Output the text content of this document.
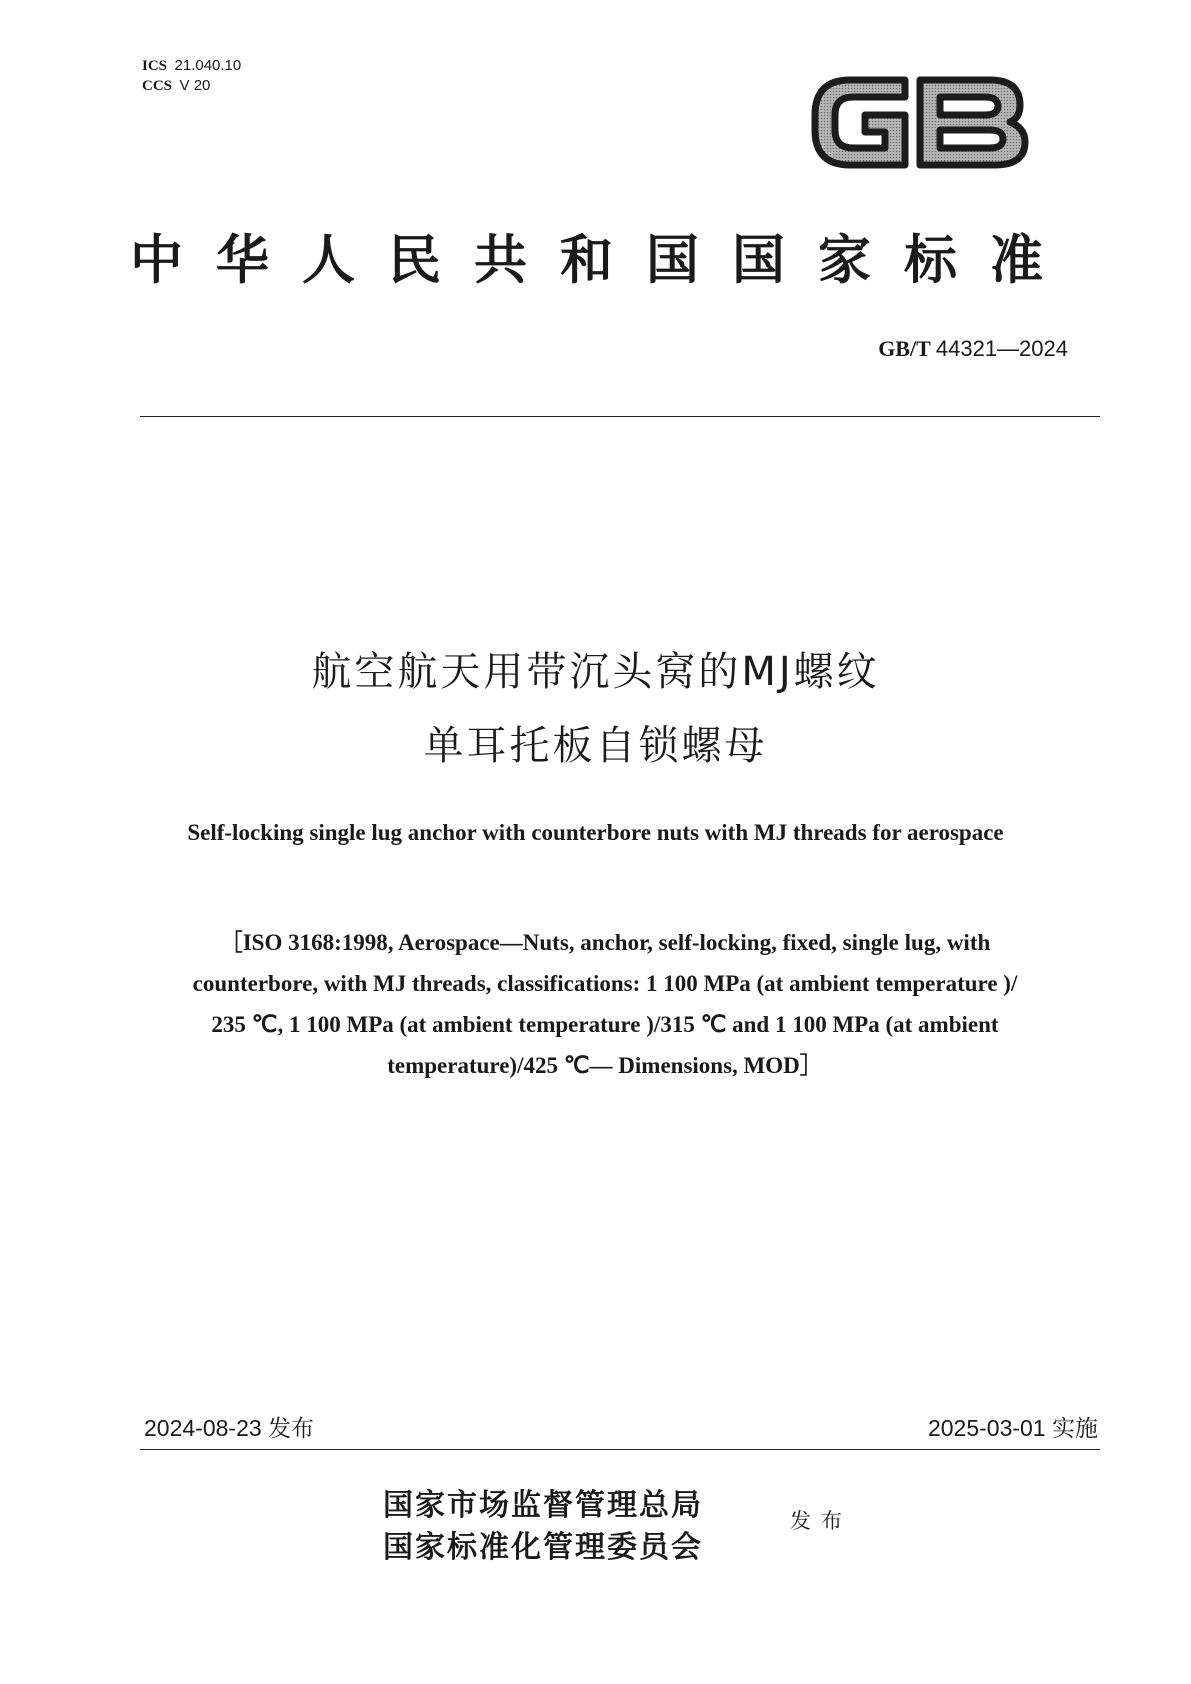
ICS 21.040.10
CCS V 20
中华人民共和国国家标准
GB/T 44321—2024
航空航天用带沉头窝的MJ螺纹
单耳托板自锁螺母
Self-locking single lug anchor with counterbore nuts with MJ threads for aerospace
［ISO 3168:1998, Aerospace—Nuts, anchor, self-locking, fixed, single lug, with
counterbore, with MJ threads, classifications: 1 100 MPa (at ambient temperature )/
235 ℃, 1 100 MPa (at ambient temperature )/315 ℃ and 1 100 MPa (at ambient
temperature)/425 ℃— Dimensions, MOD］
2024-08-23 发布	2025-03-01 实施
国家市场监督管理总局
国家标准化管理委员会
发布
